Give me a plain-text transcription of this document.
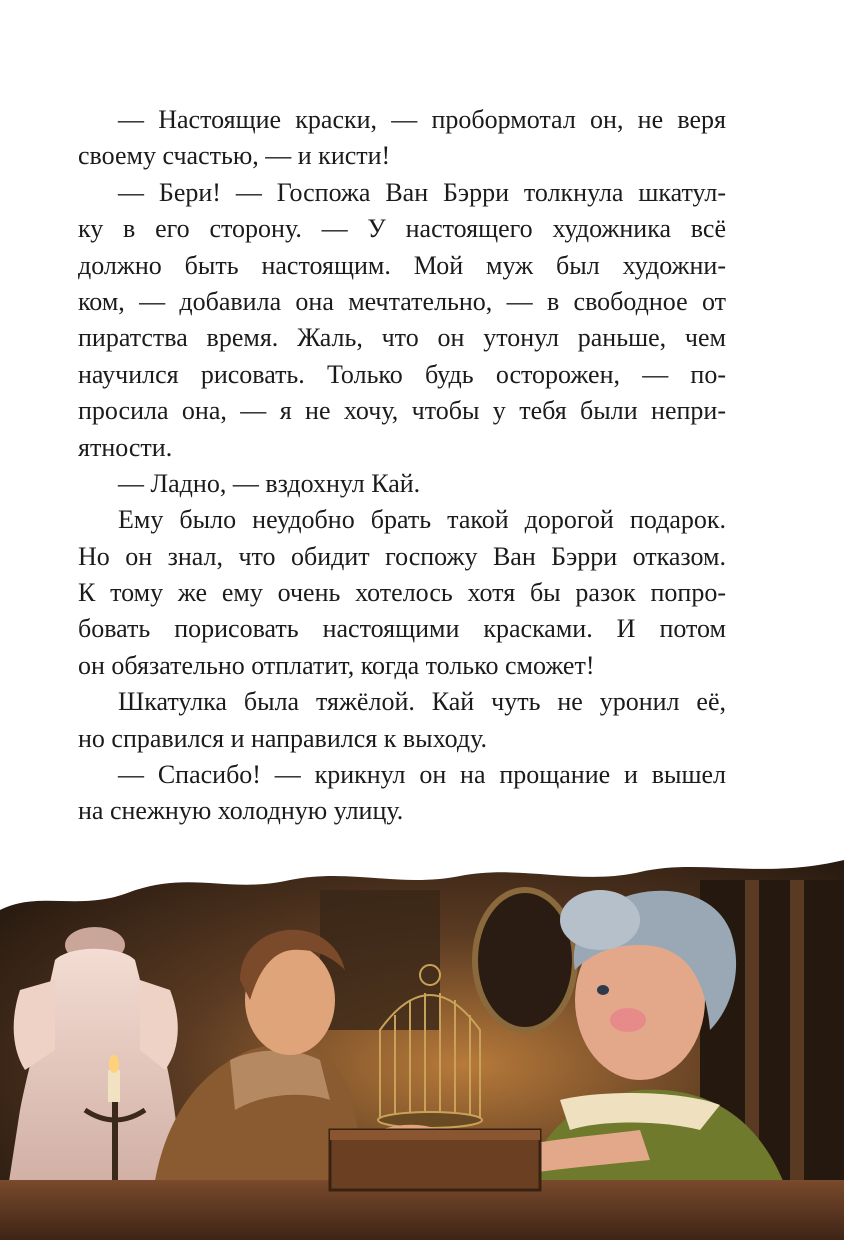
— Настоящие краски, — пробормотал он, не веря
своему счастью, — и кисти!
— Бери! — Госпожа Ван Бэрри толкнула шкатул-
ку в его сторону. — У настоящего художника всё
должно быть настоящим. Мой муж был художни-
ком, — добавила она мечтательно, — в свободное от
пиратства время. Жаль, что он утонул раньше, чем
научился рисовать. Только будь осторожен, — по-
просила она, — я не хочу, чтобы у тебя были непри-
ятности.
— Ладно, — вздохнул Кай.
Ему было неудобно брать такой дорогой подарок.
Но он знал, что обидит госпожу Ван Бэрри отказом.
К тому же ему очень хотелось хотя бы разок попро-
бовать порисовать настоящими красками. И потом
он обязательно отплатит, когда только сможет!
Шкатулка была тяжёлой. Кай чуть не уронил её,
но справился и направился к выходу.
— Спасибо! — крикнул он на прощание и вышел
на снежную холодную улицу.
